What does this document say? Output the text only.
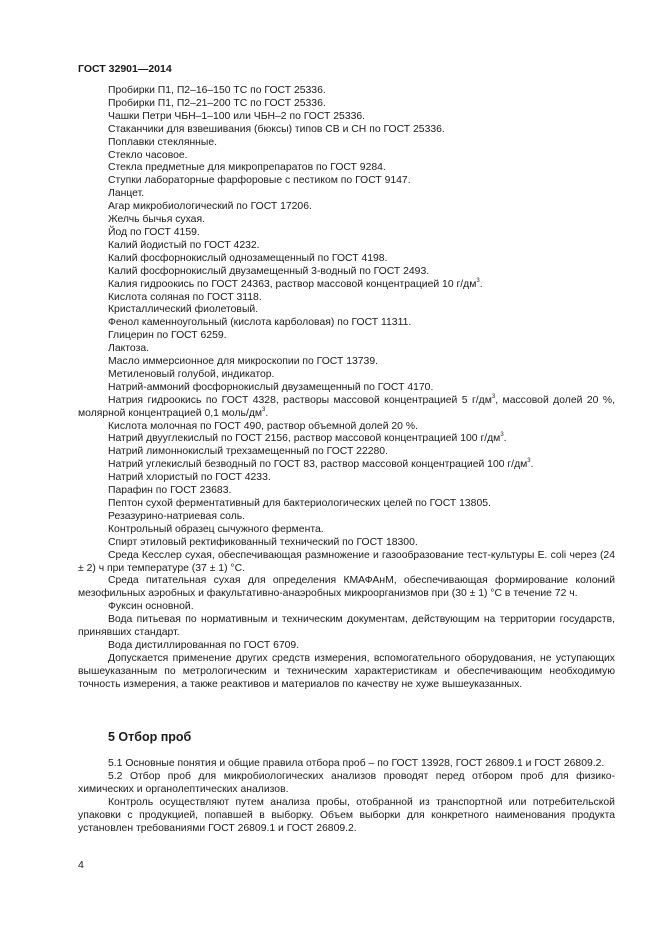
ГОСТ 32901—2014

Пробирки П1, П2–16–150 ТС по ГОСТ 25336.

Пробирки П1, П2–21–200 ТС по ГОСТ 25336.

Чашки Петри ЧБН–1–100 или ЧБН–2 по ГОСТ 25336.

Стаканчики для взвешивания (бюксы) типов СВ и СН по ГОСТ 25336.

Поплавки стеклянные.

Стекло часовое.

Стекла предметные для микропрепаратов по ГОСТ 9284.

Ступки лабораторные фарфоровые с пестиком по ГОСТ 9147.

Ланцет.

Агар микробиологический по ГОСТ 17206.

Желчь бычья сухая.

Йод по ГОСТ 4159.

Калий йодистый по ГОСТ 4232.

Калий фосфорнокислый однозамещенный по ГОСТ 4198.

Калий фосфорнокислый двузамещенный 3-водный по ГОСТ 2493.

Калия гидроокись по ГОСТ 24363, раствор массовой концентрацией 10 $г/дм^3$.

Кислота соляная по ГОСТ 3118.

Кристаллический фиолетовый.

Фенол каменноугольный (кислота карболовая) по ГОСТ 11311.

Глицерин по ГОСТ 6259.

Лактоза.

Масло иммерсионное для микроскопии по ГОСТ 13739.

Метиленовый голубой, индикатор.

Натрий-аммоний фосфорнокислый двузамещенный по ГОСТ 4170.

Натрия гидроокись по ГОСТ 4328, растворы массовой концентрацией 5 $г/дм^3$, массовой долей 20 %, молярной концентрацией 0,1 моль/$дм^3$.

Кислота молочная по ГОСТ 490, раствор объемной долей 20 %.

Натрий двууглекислый по ГОСТ 2156, раствор массовой концентрацией 100 $г/дм^3$.

Натрий лимоннокислый трехзамещенный по ГОСТ 22280.

Натрий углекислый безводный по ГОСТ 83, раствор массовой концентрацией 100 $г/дм^3$.

Натрий хлористый по ГОСТ 4233.

Парафин по ГОСТ 23683.

Пептон сухой ферментативный для бактериологических целей по ГОСТ 13805.

Резазурино-натриевая соль.

Контрольный образец сычужного фермента.

Спирт этиловый ректификованный технический по ГОСТ 18300.

Среда Кесслер сухая, обеспечивающая размножение и газообразование тест-культуры E. coli через (24 ± 2) ч при температуре (37 ± 1) °С.

Среда питательная сухая для определения КМАФАнМ, обеспечивающая формирование колоний мезофильных аэробных и факультативно-анаэробных микроорганизмов при (30 ± 1) °С в течение 72 ч.

Фуксин основной.

Вода питьевая по нормативным и техническим документам, действующим на территории государств, принявших стандарт.

Вода дистиллированная по ГОСТ 6709.

Допускается применение других средств измерения, вспомогательного оборудования, не уступающих вышеуказанным по метрологическим и техническим характеристикам и обеспечивающим необходимую точность измерения, а также реактивов и материалов по качеству не хуже вышеуказанных.

5 Отбор проб

5.1 Основные понятия и общие правила отбора проб – по ГОСТ 13928, ГОСТ 26809.1 и ГОСТ 26809.2.

5.2 Отбор проб для микробиологических анализов проводят перед отбором проб для физико-химических и органолептических анализов.

Контроль осуществляют путем анализа пробы, отобранной из транспортной или потребительской упаковки с продукцией, попавшей в выборку. Объем выборки для конкретного наименования продукта установлен требованиями ГОСТ 26809.1 и ГОСТ 26809.2.

4
